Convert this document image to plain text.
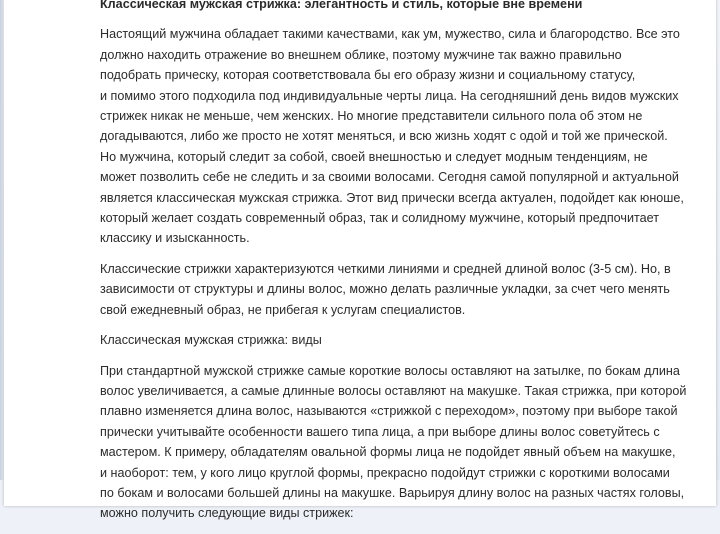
Классическая мужская стрижка: элегантность и стиль, которые вне времени
Настоящий мужчина обладает такими качествами, как ум, мужество, сила и благородство. Все это
должно находить отражение во внешнем облике, поэтому мужчине так важно правильно
подобрать прическу, которая соответствовала бы его образу жизни и социальному статусу,
и помимо этого подходила под индивидуальные черты лица. На сегодняшний день видов мужских
стрижек никак не меньше, чем женских. Но многие представители сильного пола об этом не
догадываются, либо же просто не хотят меняться, и всю жизнь ходят с одой и той же прической.
Но мужчина, который следит за собой, своей внешностью и следует модным тенденциям, не
может позволить себе не следить и за своими волосами. Сегодня самой популярной и актуальной
является классическая мужская стрижка. Этот вид прически всегда актуален, подойдет как юноше,
который желает создать современный образ, так и солидному мужчине, который предпочитает
классику и изысканность.
Классические стрижки характеризуются четкими линиями и средней длиной волос (3-5 см). Но, в
зависимости от структуры и длины волос, можно делать различные укладки, за счет чего менять
свой ежедневный образ, не прибегая к услугам специалистов.
Классическая мужская стрижка: виды
При стандартной мужской стрижке самые короткие волосы оставляют на затылке, по бокам длина
волос увеличивается, а самые длинные волосы оставляют на макушке. Такая стрижка, при которой
плавно изменяется длина волос, называются «стрижкой с переходом», поэтому при выборе такой
прически учитывайте особенности вашего типа лица, а при выборе длины волос советуйтесь с
мастером. К примеру, обладателям овальной формы лица не подойдет явный объем на макушке,
и наоборот: тем, у кого лицо круглой формы, прекрасно подойдут стрижки с короткими волосами
по бокам и волосами большей длины на макушке. Варьируя длину волос на разных частях головы,
можно получить следующие виды стрижек:
